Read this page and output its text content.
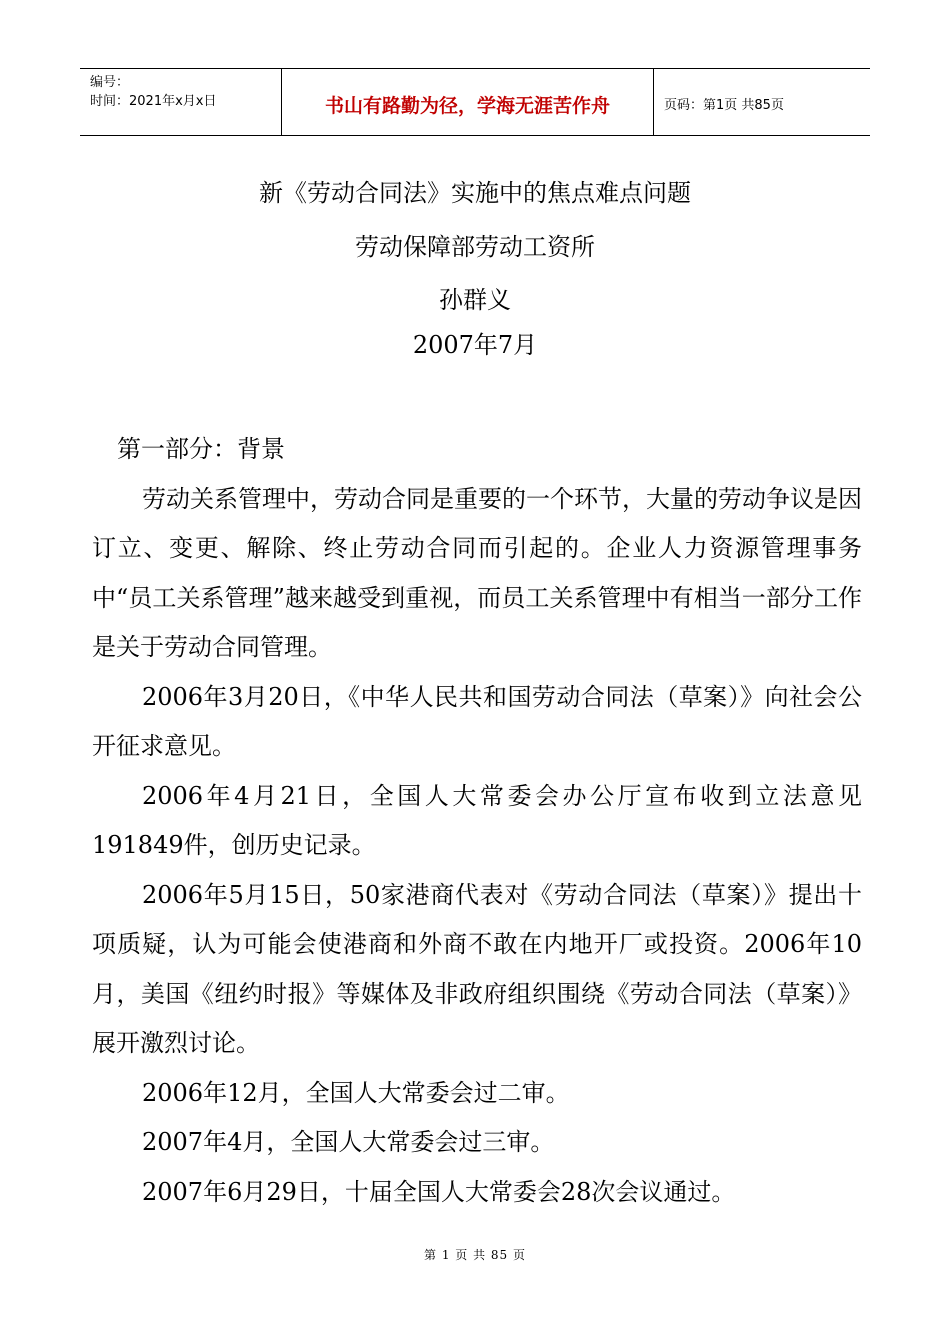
编号：
时间：2021年x月x日	书山有路勤为径，学海无涯苦作舟	页码：第1页 共85页
新《劳动合同法》实施中的焦点难点问题
劳动保障部劳动工资所
孙群义
2007年7月

第一部分：背景

劳动关系管理中，劳动合同是重要的一个环节，大量的劳动争议是因订立、变更、解除、终止劳动合同而引起的。企业人力资源管理事务中“员工关系管理”越来越受到重视，而员工关系管理中有相当一部分工作是关于劳动合同管理。

2006年3月20日，《中华人民共和国劳动合同法（草案）》向社会公开征求意见。

2006年4月21日，全国人大常委会办公厅宣布收到立法意见191849件，创历史记录。

2006年5月15日，50家港商代表对《劳动合同法（草案）》提出十项质疑，认为可能会使港商和外商不敢在内地开厂或投资。2006年10月，美国《纽约时报》等媒体及非政府组织围绕《劳动合同法（草案）》展开激烈讨论。

2006年12月，全国人大常委会过二审。

2007年4月，全国人大常委会过三审。

2007年6月29日，十届全国人大常委会28次会议通过。

第 1 页 共 85 页
